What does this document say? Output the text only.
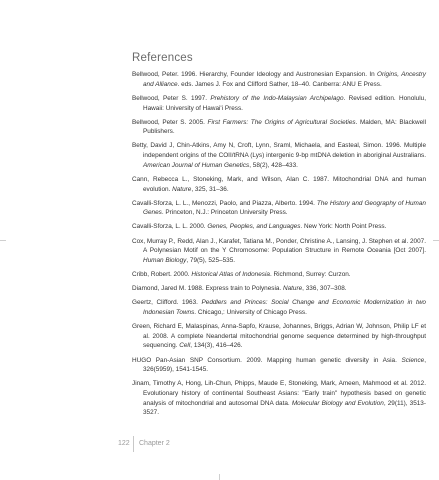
References

Bellwood, Peter. 1996. Hierarchy, Founder Ideology and Austronesian Expansion. In Origins, Ancestry and Alliance. eds. James J. Fox and Clifford Sather, 18–40. Canberra: ANU E Press.

Bellwood, Peter S. 1997. Prehistory of the Indo-Malaysian Archipelago. Revised edition. Honolulu, Hawaii: University of Hawai'i Press.

Bellwood, Peter S. 2005. First Farmers: The Origins of Agricultural Societies. Malden, MA: Blackwell Publishers.

Betty, David J, Chin-Atkins, Amy N, Croft, Lynn, Sraml, Michaela, and Easteal, Simon. 1996. Multiple independent origins of the COII/tRNA (Lys) intergenic 9-bp mtDNA deletion in aboriginal Australians. American Journal of Human Genetics, 58(2), 428–433.

Cann, Rebecca L., Stoneking, Mark, and Wilson, Alan C. 1987. Mitochondrial DNA and human evolution. Nature, 325, 31–36.

Cavalli-Sforza, L. L., Menozzi, Paolo, and Piazza, Alberto. 1994. The History and Geography of Human Genes. Princeton, N.J.: Princeton University Press.

Cavalli-Sforza, L. L. 2000. Genes, Peoples, and Languages. New York: North Point Press.

Cox, Murray P., Redd, Alan J., Karafet, Tatiana M., Ponder, Christine A., Lansing, J. Stephen et al. 2007. A Polynesian Motif on the Y Chromosome: Population Structure in Remote Oceania [Oct 2007]. Human Biology, 79(5), 525–535.

Cribb, Robert. 2000. Historical Atlas of Indonesia. Richmond, Surrey: Curzon.

Diamond, Jared M. 1988. Express train to Polynesia. Nature, 336, 307–308.

Geertz, Clifford. 1963. Peddlers and Princes: Social Change and Economic Modernization in two Indonesian Towns. Chicago,: University of Chicago Press.

Green, Richard E, Malaspinas, Anna-Sapfo, Krause, Johannes, Briggs, Adrian W, Johnson, Philip LF et al. 2008. A complete Neandertal mitochondrial genome sequence determined by high-throughput sequencing. Cell, 134(3), 416–426.

HUGO Pan-Asian SNP Consortium. 2009. Mapping human genetic diversity in Asia. Science, 326(5959), 1541-1545.

Jinam, Timothy A, Hong, Lih-Chun, Phipps, Maude E, Stoneking, Mark, Ameen, Mahmood et al. 2012. Evolutionary history of continental Southeast Asians: "Early train" hypothesis based on genetic analysis of mitochondrial and autosomal DNA data. Molecular Biology and Evolution, 29(11), 3513-3527.

122 Chapter 2
